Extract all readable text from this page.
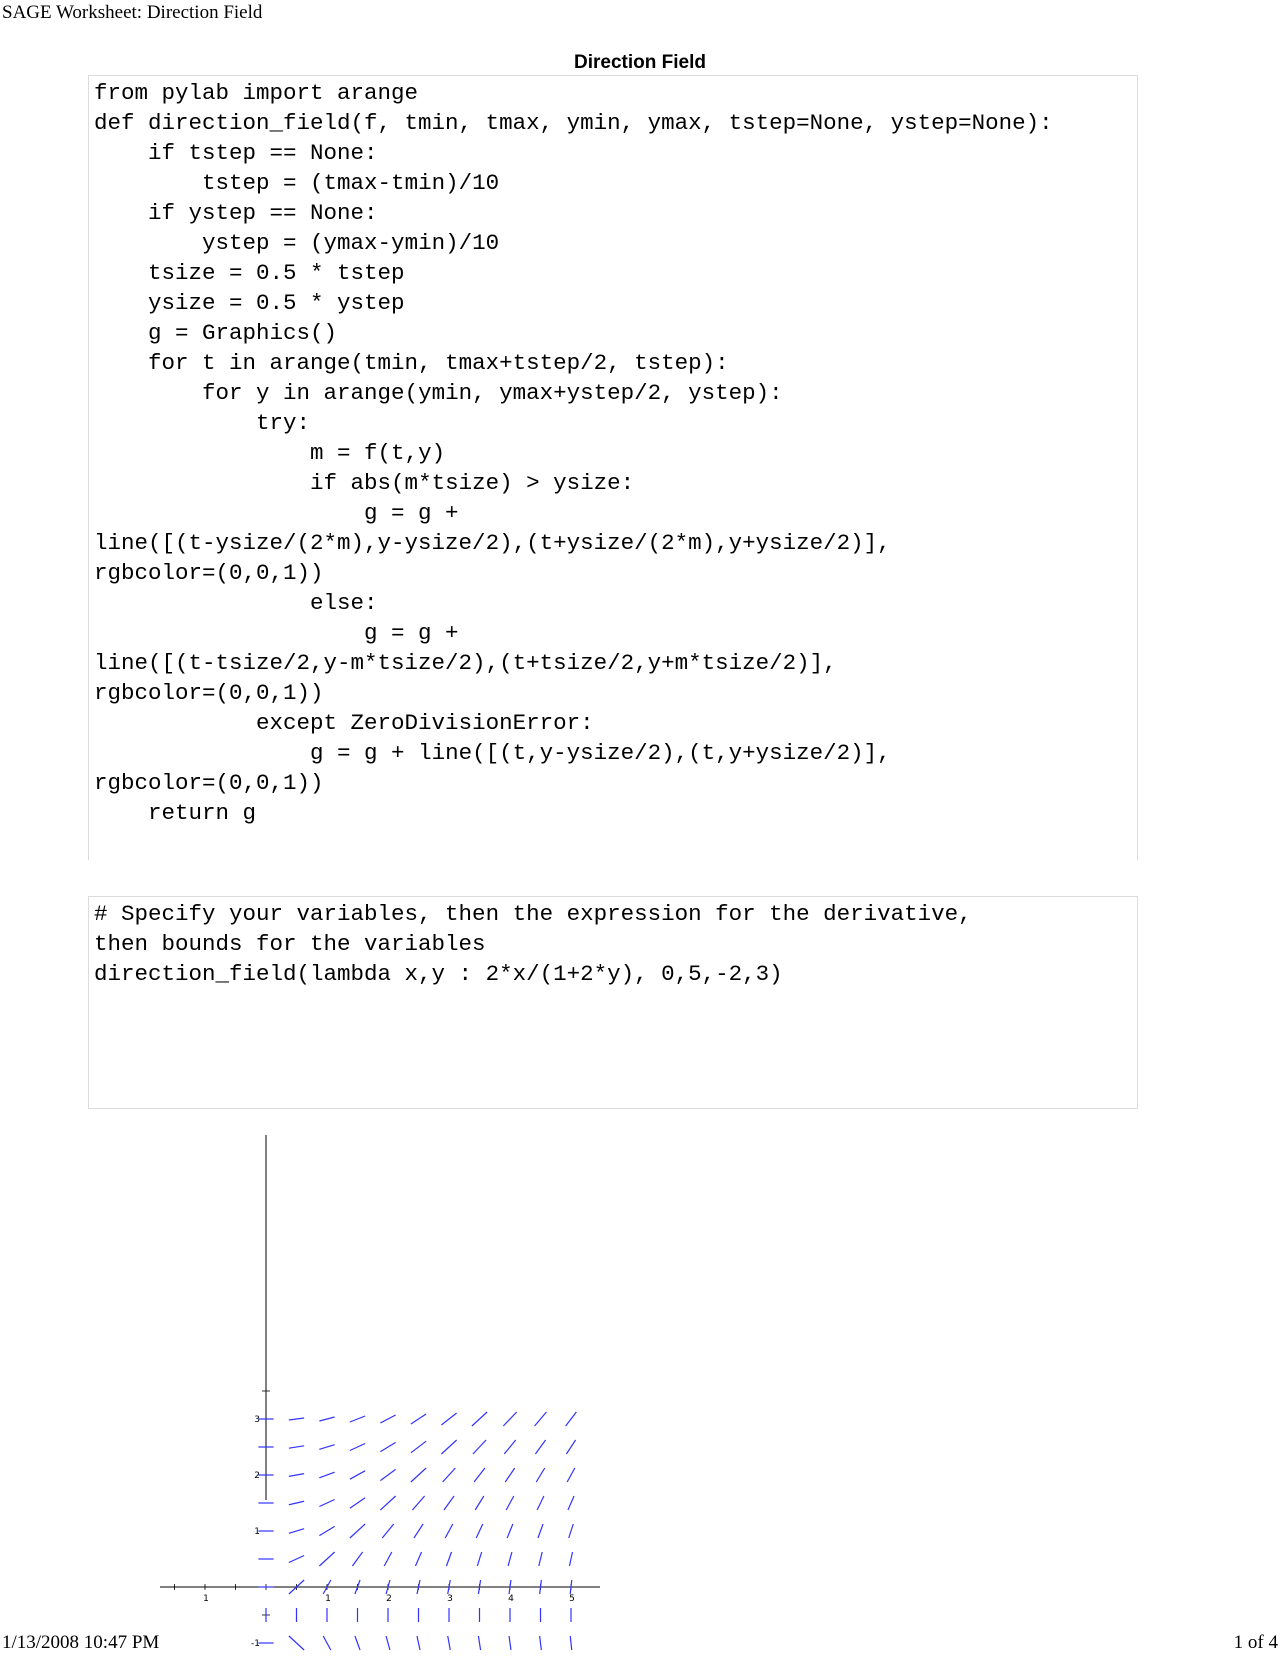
SAGE Worksheet: Direction Field
Direction Field
from pylab import arange
def direction_field(f, tmin, tmax, ymin, ymax, tstep=None, ystep=None):
if tstep == None:
tstep = (tmax-tmin)/10
if ystep == None:
ystep = (ymax-ymin)/10
tsize = 0.5 * tstep
ysize = 0.5 * ystep
g = Graphics()
for t in arange(tmin, tmax+tstep/2, tstep):
for y in arange(ymin, ymax+ystep/2, ystep):
try:
m = f(t,y)
if abs(m*tsize) > ysize:
g = g +
line([(t-ysize/(2*m),y-ysize/2),(t+ysize/(2*m),y+ysize/2)],
rgbcolor=(0,0,1))
else:
g = g +
line([(t-tsize/2,y-m*tsize/2),(t+tsize/2,y+m*tsize/2)],
rgbcolor=(0,0,1))
except ZeroDivisionError:
g = g + line([(t,y-ysize/2),(t,y+ysize/2)],
rgbcolor=(0,0,1))
return g
# Specify your variables, then the expression for the derivative,
then bounds for the variables
direction_field(lambda x,y : 2*x/(1+2*y), 0,5,-2,3)
1	1	2	3	4	5
-1
1
2
3
1/13/2008 10:47 PM	1 of 4
